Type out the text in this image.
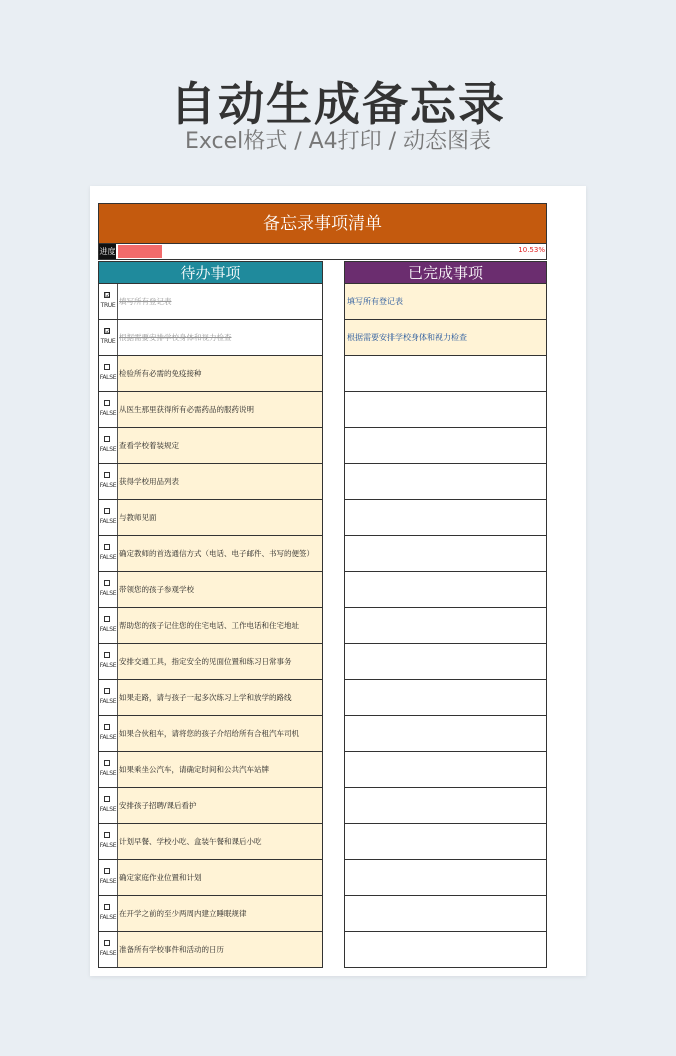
自动生成备忘录
Excel格式 / A4打印 / 动态图表
备忘录事项清单
进度	10.53%
待办事项	已完成事项
☑
TRUE 填写所有登记表
☑
TRUE 根据需要安排学校身体和视力检查
FALSE 检验所有必需的免疫接种
FALSE 从医生那里获得所有必需药品的服药说明
FALSE 查看学校着装规定
FALSE 获得学校用品列表
FALSE 与教师见面
FALSE 确定教师的首选通信方式（电话、电子邮件、书写的便签）
FALSE 带领您的孩子参观学校
FALSE 帮助您的孩子记住您的住宅电话、工作电话和住宅地址
FALSE 安排交通工具，指定安全的见面位置和练习日常事务
FALSE 如果走路，请与孩子一起多次练习上学和放学的路线
FALSE 如果合伙租车，请将您的孩子介绍给所有合租汽车司机
FALSE 如果乘坐公汽车，请确定时间和公共汽车站牌
FALSE 安排孩子招聘/课后看护
FALSE 计划早餐、学校小吃、盒装午餐和课后小吃
FALSE 确定家庭作业位置和计划
FALSE 在开学之前的至少两周内建立睡眠规律
FALSE 准备所有学校事件和活动的日历
填写所有登记表
根据需要安排学校身体和视力检查
